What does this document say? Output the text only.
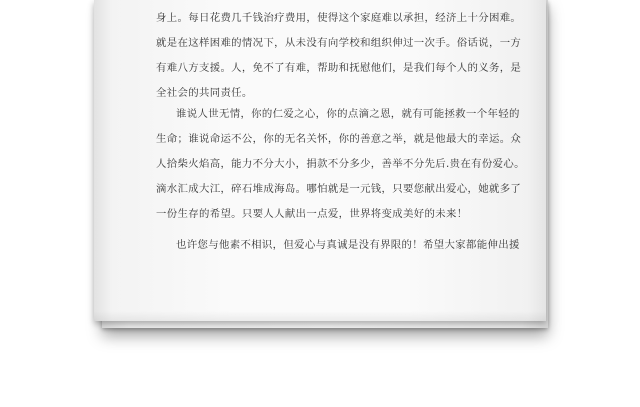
身上。每日花费几千钱治疗费用，使得这个家庭难以承担，经济上十分困难。
就是在这样困难的情况下，从未没有向学校和组织伸过一次手。俗话说，一方
有难八方支援。人，免不了有难，帮助和抚慰他们，是我们每个人的义务，是
全社会的共同责任。

谁说人世无情，你的仁爱之心，你的点滴之恩，就有可能拯救一个年轻的
生命；谁说命运不公，你的无名关怀，你的善意之举，就是他最大的幸运。众
人拾柴火焰高，能力不分大小，捐款不分多少，善举不分先后.贵在有份爱心。
滴水汇成大江，碎石堆成海岛。哪怕就是一元钱，只要您献出爱心，她就多了
一份生存的希望。只要人人献出一点爱，世界将变成美好的未来！

也许您与他素不相识，但爱心与真诚是没有界限的！希望大家都能伸出援
